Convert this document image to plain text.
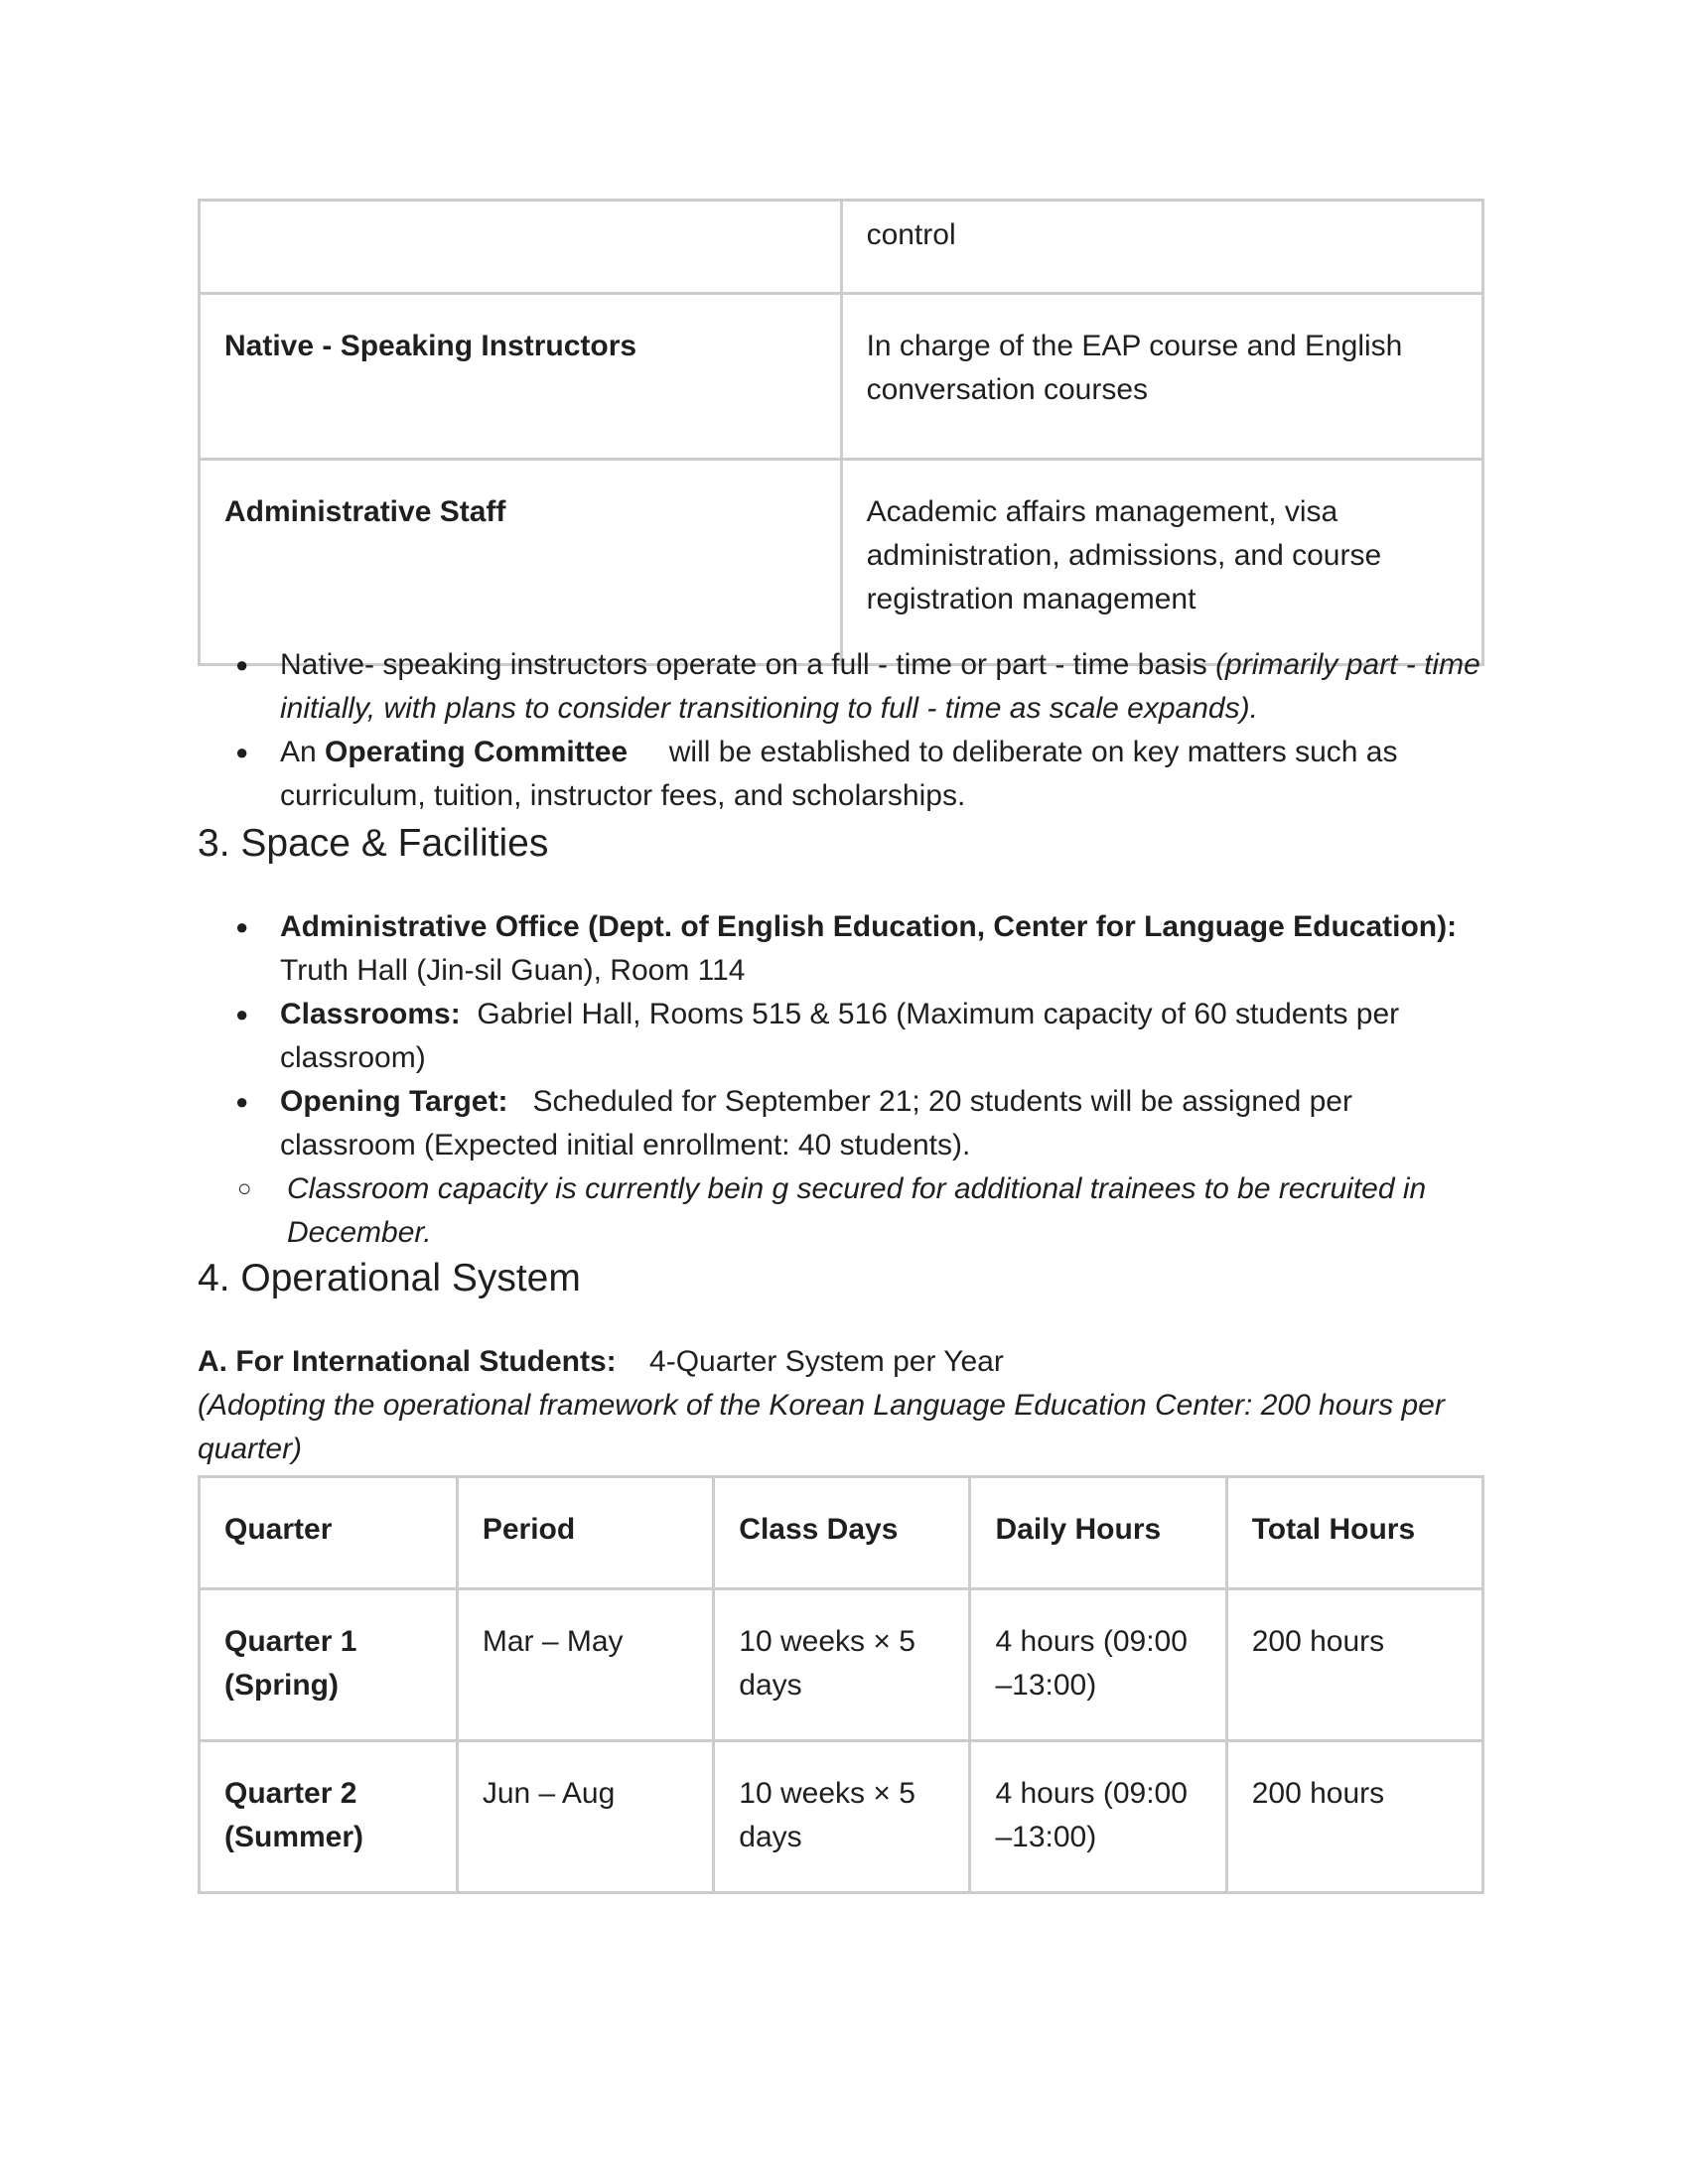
	control
Native - Speaking Instructors	In charge of the EAP course and English conversation courses
Administrative Staff	Academic affairs management, visa administration, admissions, and course registration management

● Native- speaking instructors operate on a full - time or part - time basis (primarily part - time initially, with plans to consider transitioning to full - time as scale expands).

● An Operating Committee will be established to deliberate on key matters such as curriculum, tuition, instructor fees, and scholarships.

3. Space & Facilities

● Administrative Office (Dept. of English Education, Center for Language Education):
Truth Hall (Jin-sil Guan), Room 114

● Classrooms: Gabriel Hall, Rooms 515 & 516 (Maximum capacity of 60 students per classroom)

● Opening Target: Scheduled for September 21; 20 students will be assigned per classroom (Expected initial enrollment: 40 students).

○ Classroom capacity is currently bein g secured for additional trainees to be recruited in December.

4. Operational System
A. For International Students: 4-Quarter System per Year
(Adopting the operational framework of the Korean Language Education Center: 200 hours per quarter)
Quarter	Period	Class Days	Daily Hours	Total Hours
Quarter 1 (Spring)	Mar – May	10 weeks × 5 days	4 hours (09:00 –13:00)	200 hours
Quarter 2 (Summer)	Jun – Aug	10 weeks × 5 days	4 hours (09:00 –13:00)	200 hours
